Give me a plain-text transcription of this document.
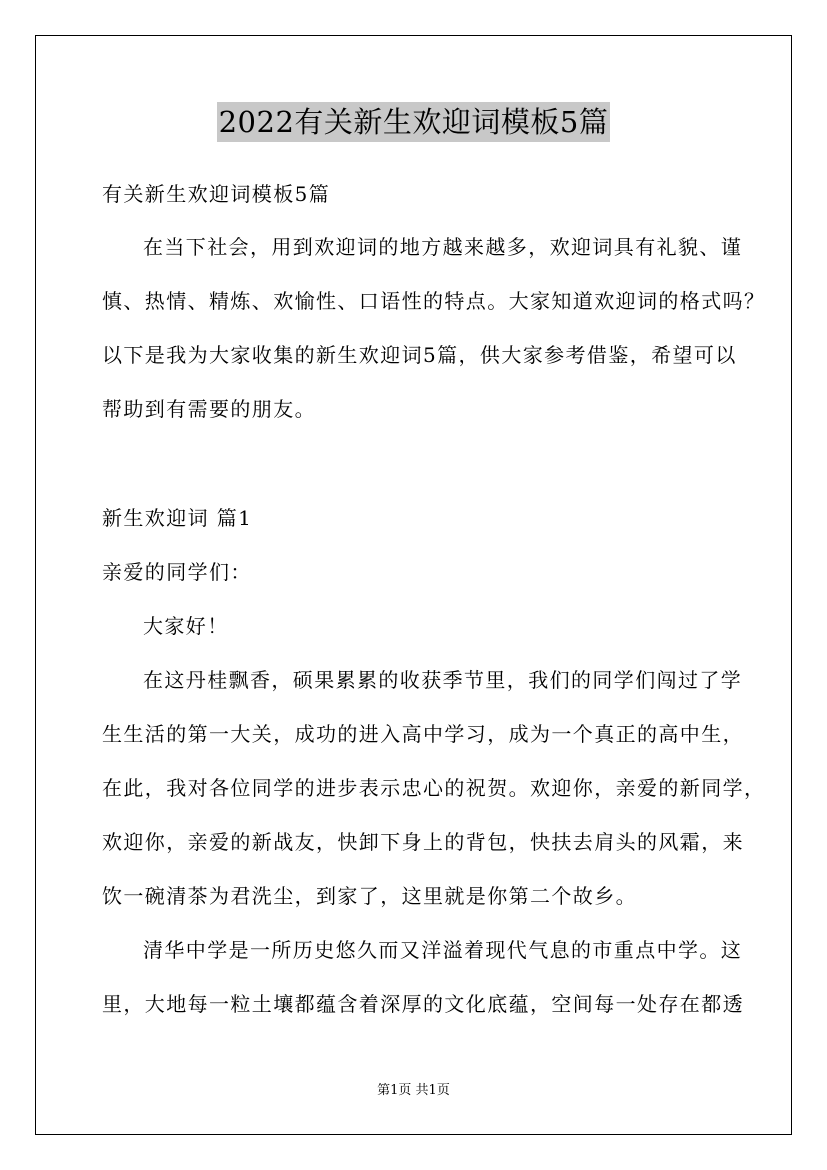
2022有关新生欢迎词模板5篇
有关新生欢迎词模板5篇
在当下社会，用到欢迎词的地方越来越多，欢迎词具有礼貌、谨
慎、热情、精炼、欢愉性、口语性的特点。大家知道欢迎词的格式吗？
以下是我为大家收集的新生欢迎词5篇，供大家参考借鉴，希望可以
帮助到有需要的朋友。
新生欢迎词 篇1
亲爱的同学们：
大家好！
在这丹桂飘香，硕果累累的收获季节里，我们的同学们闯过了学
生生活的第一大关，成功的进入高中学习，成为一个真正的高中生，
在此，我对各位同学的进步表示忠心的祝贺。欢迎你，亲爱的新同学，
欢迎你，亲爱的新战友，快卸下身上的背包，快扶去肩头的风霜，来
饮一碗清茶为君洗尘，到家了，这里就是你第二个故乡。
清华中学是一所历史悠久而又洋溢着现代气息的市重点中学。这
里，大地每一粒土壤都蕴含着深厚的文化底蕴，空间每一处存在都透
第1页 共1页
